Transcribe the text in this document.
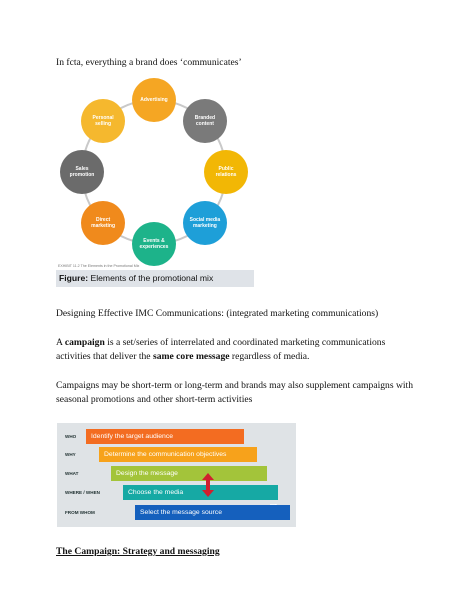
In fcta, everything a brand does ‘communicates’
Advertising
Branded content
Public relations
Social media marketing
Events & experiences
Direct marketing
Sales promotion
Personal selling
EXHIBIT 11.2 The Elements in the Promotional Mix
Figure: Elements of the promotional mix
Designing Effective IMC Communications: (integrated marketing communications)
A campaign is a set/series of interrelated and coordinated marketing communications activities that deliver the same core message regardless of media.
Campaigns may be short-term or long-term and brands may also supplement campaigns with seasonal promotions and other short-term activities
WHO
WHY
WHAT
WHERE / WHEN
FROM WHOM
Identify the target audience
Determine the communication objectives
Design the message
Choose the media
Select the message source
The Campaign: Strategy and messaging
